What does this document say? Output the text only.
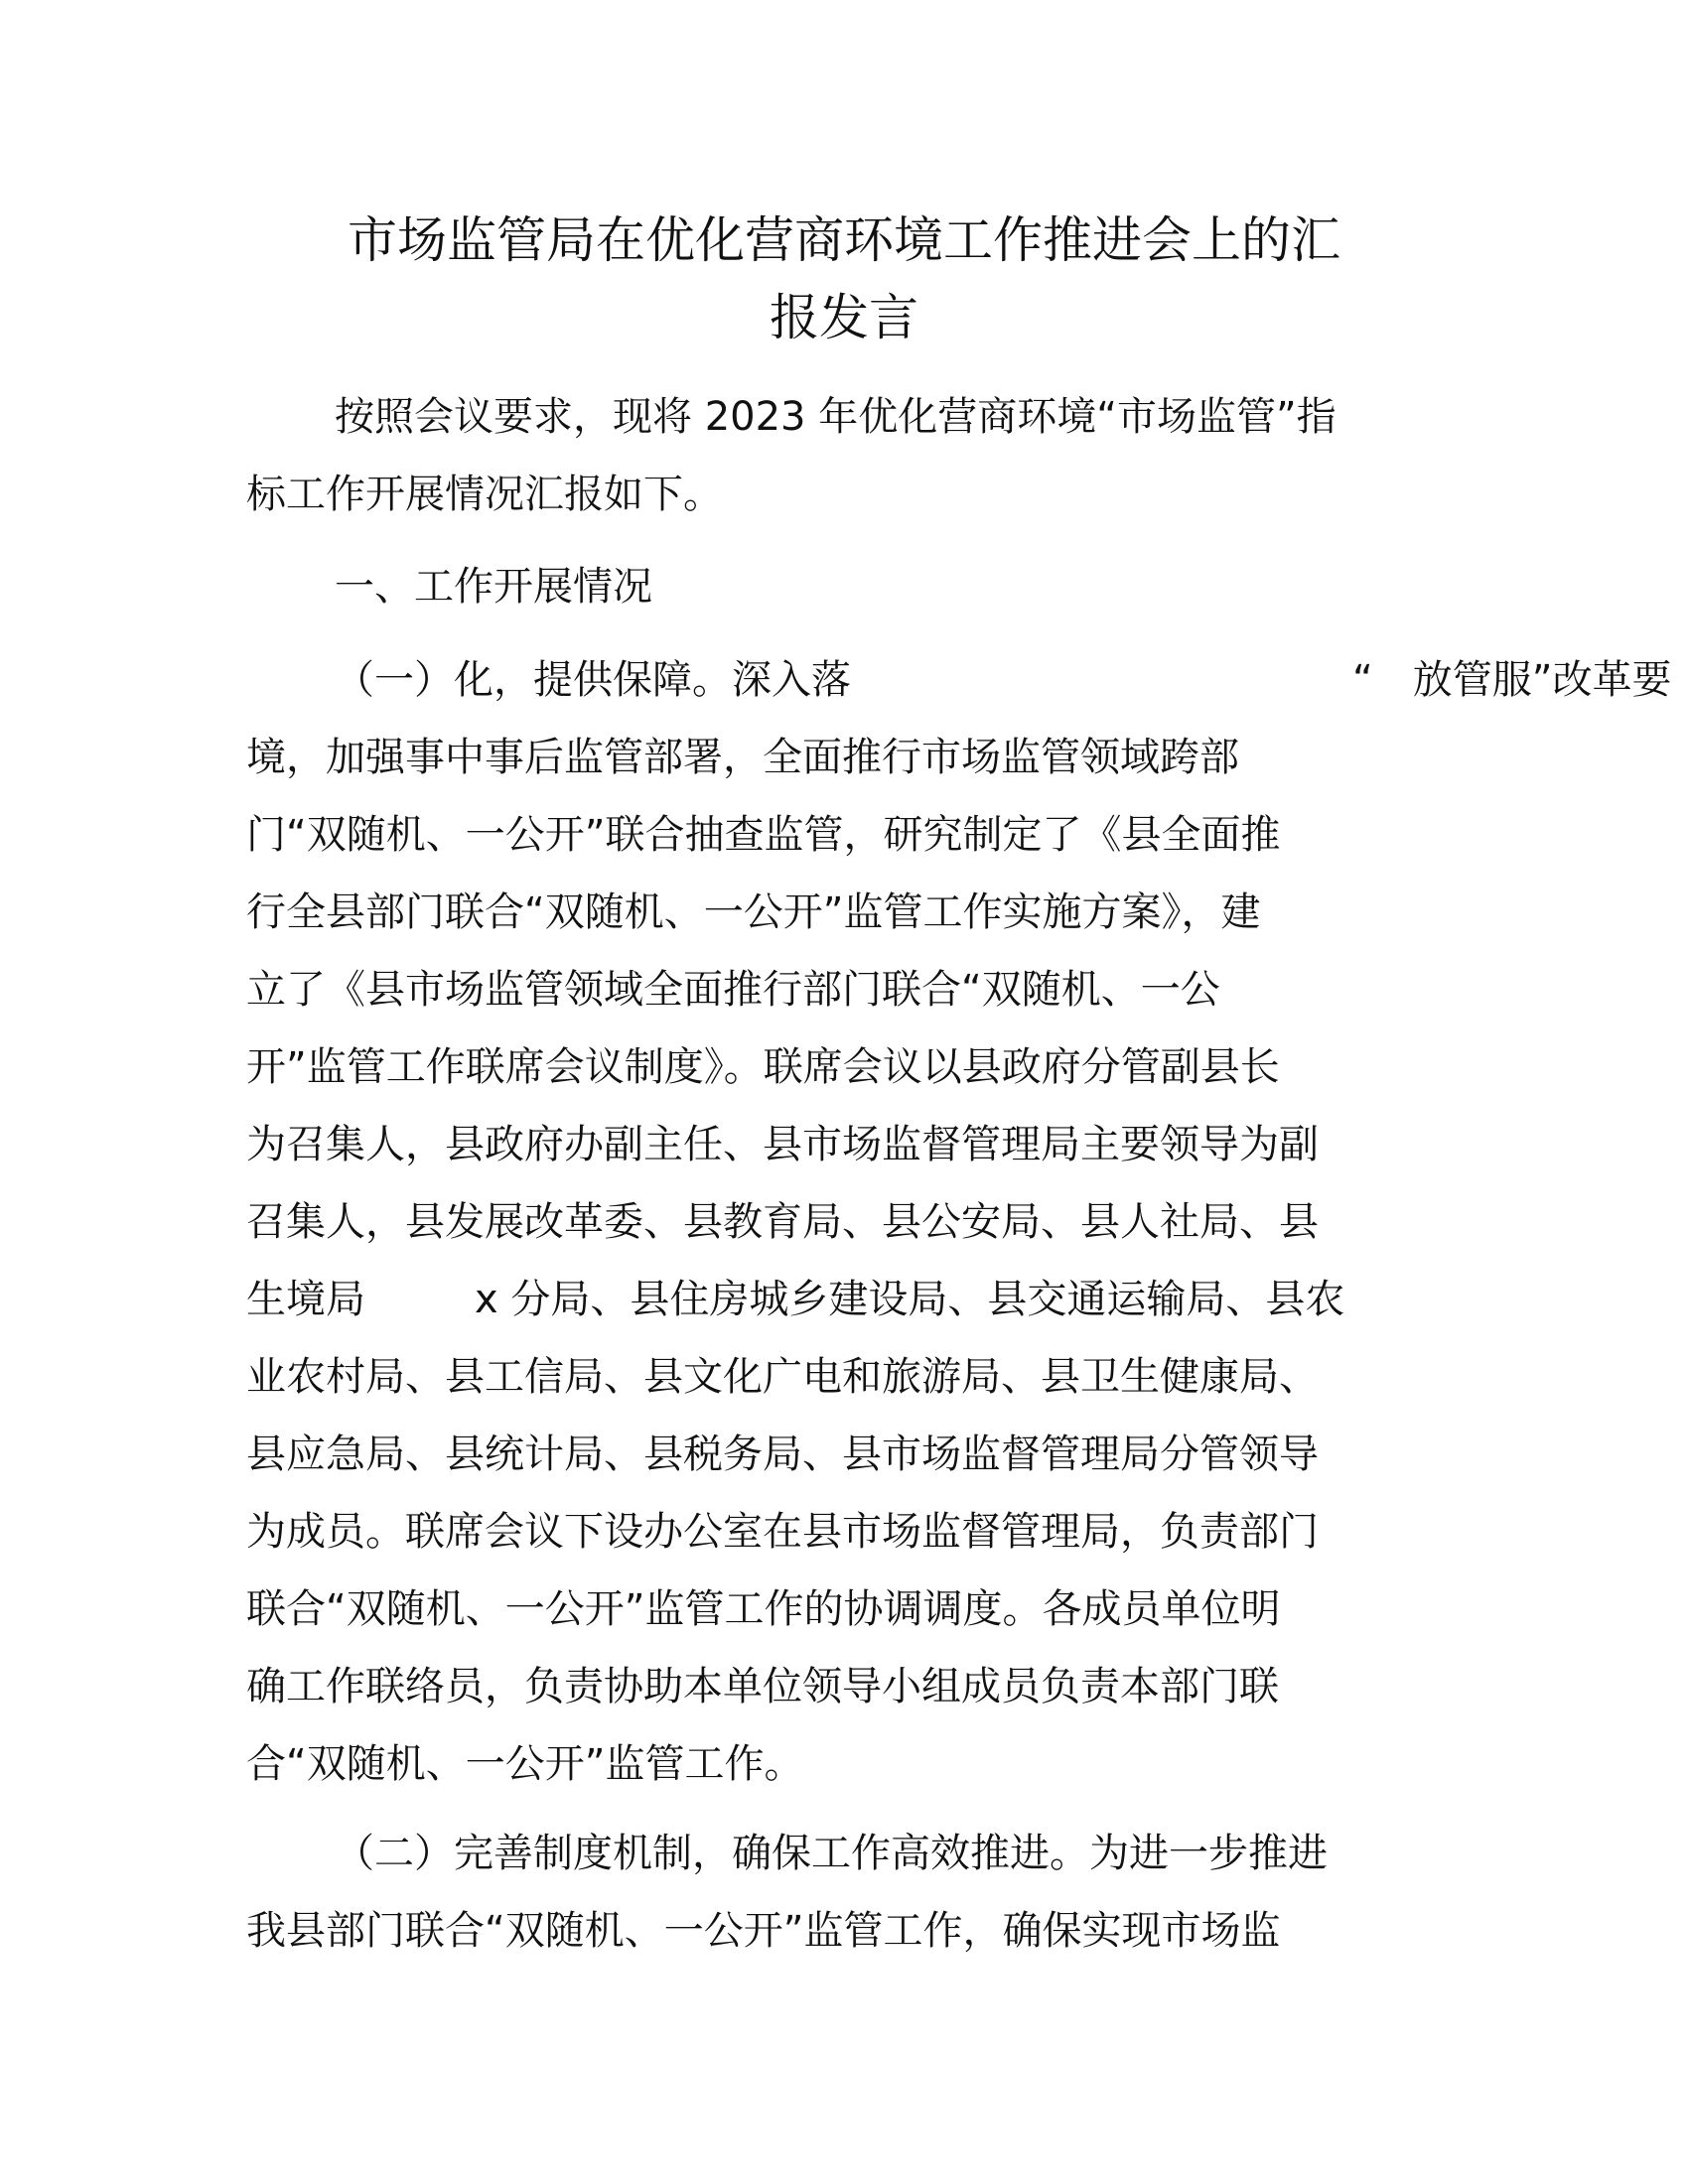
市场监管局在优化营商环境工作推进会上的汇
报发言

按照会议要求，现将 2023 年优化营商环境“市场监管”指

标工作开展情况汇报如下。

一、工作开展情况

（一）化，提供保障。深入落	“　放管服”改革要

境，加强事中事后监管部署，全面推行市场监管领域跨部

门“双随机、一公开”联合抽查监管，研究制定了《县全面推

行全县部门联合“双随机、一公开”监管工作实施方案》，建

立了《县市场监管领域全面推行部门联合“双随机、一公

开”监管工作联席会议制度》。联席会议以县政府分管副县长

为召集人，县政府办副主任、县市场监督管理局主要领导为副

召集人，县发展改革委、县教育局、县公安局、县人社局、县

生境局	x 分局、县住房城乡建设局、县交通运输局、县农

业农村局、县工信局、县文化广电和旅游局、县卫生健康局、

县应急局、县统计局、县税务局、县市场监督管理局分管领导

为成员。联席会议下设办公室在县市场监督管理局，负责部门

联合“双随机、一公开”监管工作的协调调度。各成员单位明

确工作联络员，负责协助本单位领导小组成员负责本部门联

合“双随机、一公开”监管工作。

（二）完善制度机制，确保工作高效推进。为进一步推进

我县部门联合“双随机、一公开”监管工作，确保实现市场监
